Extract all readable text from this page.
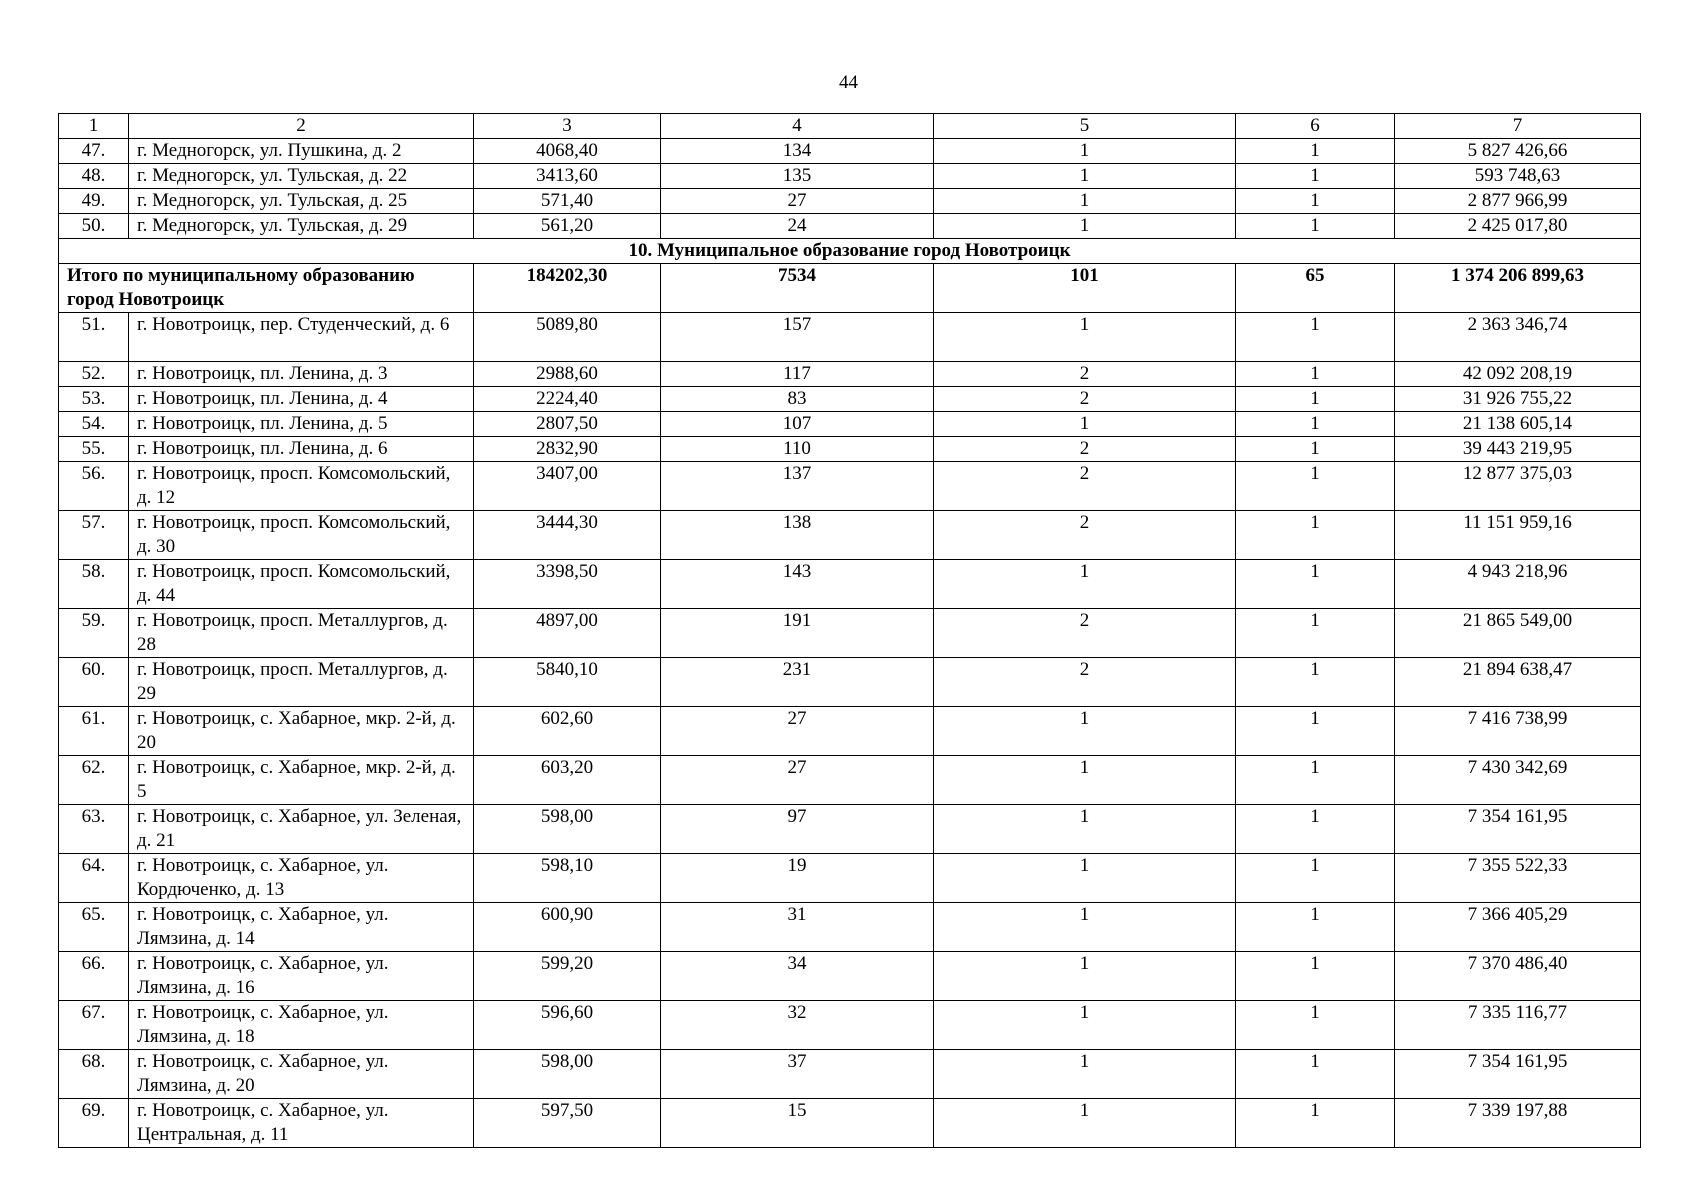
44
1	2	3	4	5	6	7
47.	г. Медногорск, ул. Пушкина, д. 2	4068,40	134	1	1	5 827 426,66
48.	г. Медногорск, ул. Тульская, д. 22	3413,60	135	1	1	593 748,63
49.	г. Медногорск, ул. Тульская, д. 25	571,40	27	1	1	2 877 966,99
50.	г. Медногорск, ул. Тульская, д. 29	561,20	24	1	1	2 425 017,80
10. Муниципальное образование город Новотроицк						
Итого по муниципальному образованию город Новотроицк		184202,30	7534	101	65	1 374 206 899,63
51.	г. Новотроицк, пер. Студенческий, д. 6	5089,80	157	1	1	2 363 346,74
52.	г. Новотроицк, пл. Ленина, д. 3	2988,60	117	2	1	42 092 208,19
53.	г. Новотроицк, пл. Ленина, д. 4	2224,40	83	2	1	31 926 755,22
54.	г. Новотроицк, пл. Ленина, д. 5	2807,50	107	1	1	21 138 605,14
55.	г. Новотроицк, пл. Ленина, д. 6	2832,90	110	2	1	39 443 219,95
56.	г. Новотроицк, просп. Комсомольский, д. 12	3407,00	137	2	1	12 877 375,03
57.	г. Новотроицк, просп. Комсомольский, д. 30	3444,30	138	2	1	11 151 959,16
58.	г. Новотроицк, просп. Комсомольский, д. 44	3398,50	143	1	1	4 943 218,96
59.	г. Новотроицк, просп. Металлургов, д. 28	4897,00	191	2	1	21 865 549,00
60.	г. Новотроицк, просп. Металлургов, д. 29	5840,10	231	2	1	21 894 638,47
61.	г. Новотроицк, с. Хабарное, мкр. 2-й, д. 20	602,60	27	1	1	7 416 738,99
62.	г. Новотроицк, с. Хабарное, мкр. 2-й, д. 5	603,20	27	1	1	7 430 342,69
63.	г. Новотроицк, с. Хабарное, ул. Зеленая, д. 21	598,00	97	1	1	7 354 161,95
64.	г. Новотроицк, с. Хабарное, ул. Кордюченко, д. 13	598,10	19	1	1	7 355 522,33
65.	г. Новотроицк, с. Хабарное, ул. Лямзина, д. 14	600,90	31	1	1	7 366 405,29
66.	г. Новотроицк, с. Хабарное, ул. Лямзина, д. 16	599,20	34	1	1	7 370 486,40
67.	г. Новотроицк, с. Хабарное, ул. Лямзина, д. 18	596,60	32	1	1	7 335 116,77
68.	г. Новотроицк, с. Хабарное, ул. Лямзина, д. 20	598,00	37	1	1	7 354 161,95
69.	г. Новотроицк, с. Хабарное, ул. Центральная, д. 11	597,50	15	1	1	7 339 197,88
